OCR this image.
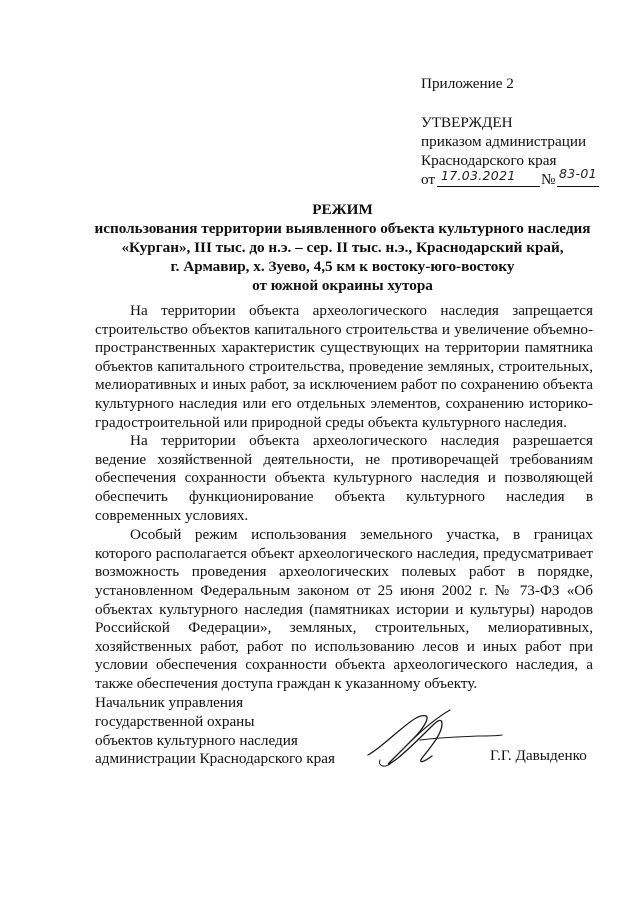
Приложение 2
УТВЕРЖДЕН
приказом администрации
Краснодарского края
от 17.03.2021 № 83-01
РЕЖИМ
использования территории выявленного объекта культурного наследия
«Курган», III тыс. до н.э. – сер. II тыс. н.э., Краснодарский край,
г. Армавир, х. Зуево, 4,5 км к востоку-юго-востоку
от южной окраины хутора

На территории объекта археологического наследия запрещается строительство объектов капитального строительства и увеличение объемно-пространственных характеристик существующих на территории памятника объектов капитального строительства, проведение земляных, строительных, мелиоративных и иных работ, за исключением работ по сохранению объекта культурного наследия или его отдельных элементов, сохранению историко-градостроительной или природной среды объекта культурного наследия.

На территории объекта археологического наследия разрешается ведение хозяйственной деятельности, не противоречащей требованиям обеспечения сохранности объекта культурного наследия и позволяющей обеспечить функционирование объекта культурного наследия в современных условиях.

Особый режим использования земельного участка, в границах которого располагается объект археологического наследия, предусматривает возможность проведения археологических полевых работ в порядке, установленном Федеральным законом от 25 июня 2002 г. № 73-ФЗ «Об объектах культурного наследия (памятниках истории и культуры) народов Российской Федерации», земляных, строительных, мелиоративных, хозяйственных работ, работ по использованию лесов и иных работ при условии обеспечения сохранности объекта археологического наследия, а также обеспечения доступа граждан к указанному объекту.

Начальник управления
государственной охраны
объектов культурного наследия
администрации Краснодарского края	Г.Г. Давыденко
